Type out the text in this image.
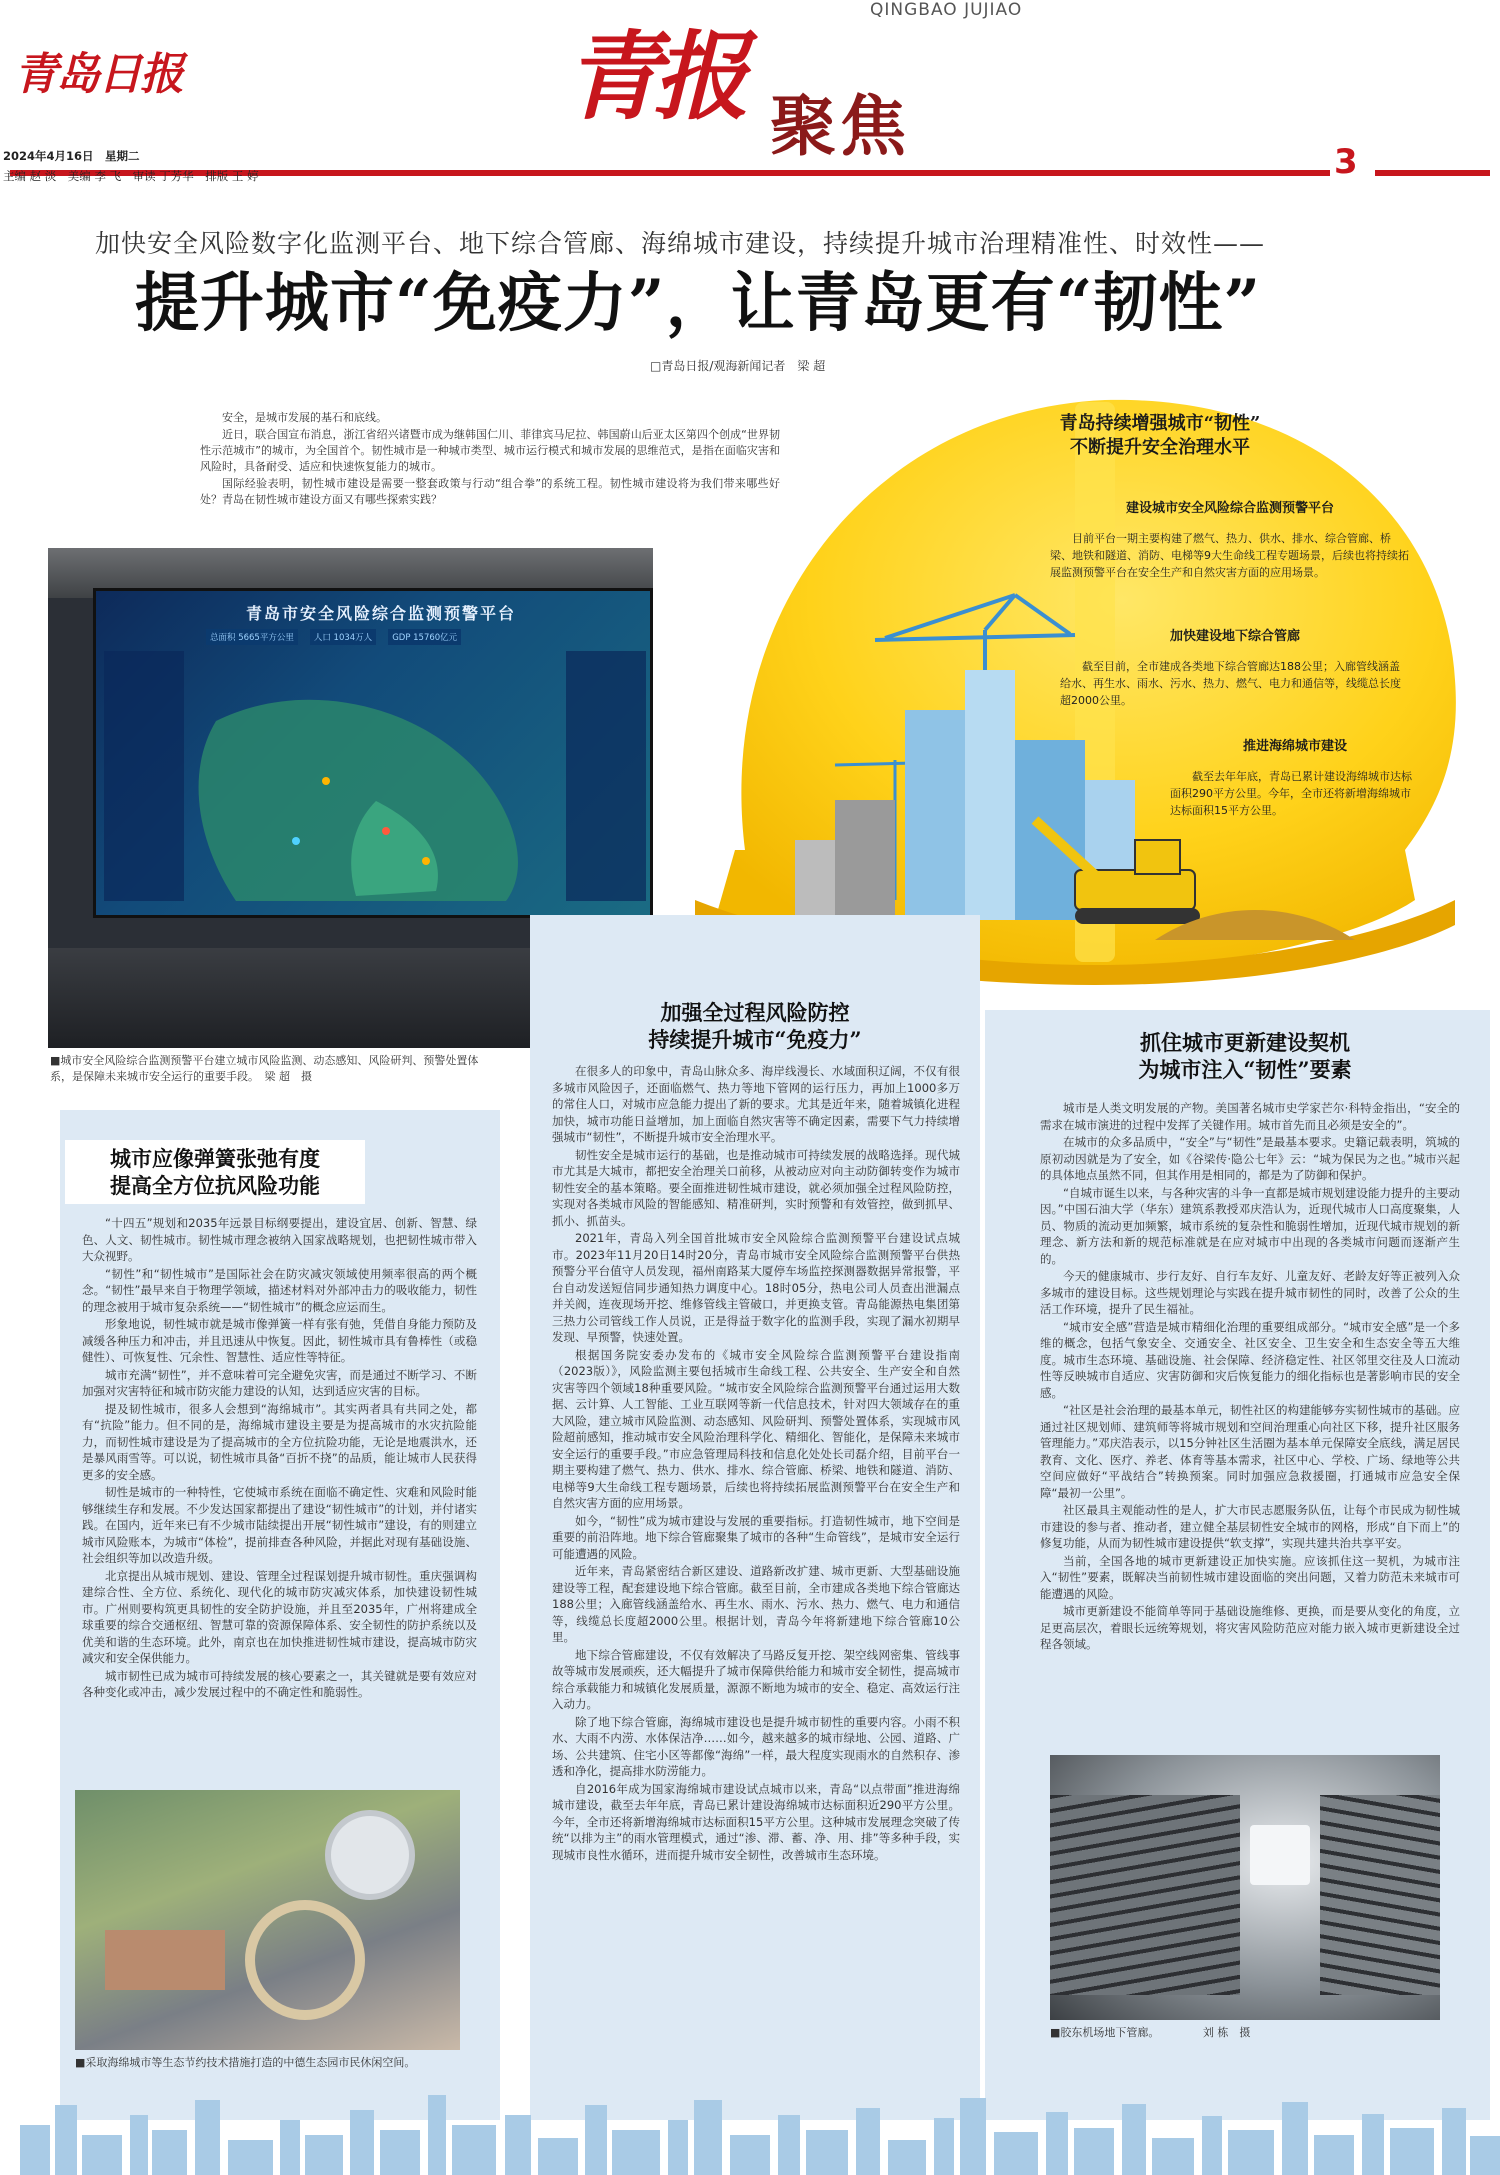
QINGBAO JUJIAO
青岛日报	青报 聚焦	3
2024年4月16日　星期二
主编 赵 淡　美编 李 飞　审读 丁芳华　排版 王 婷
加快安全风险数字化监测平台、地下综合管廊、海绵城市建设，持续提升城市治理精准性、时效性——
提升城市“免疫力”，让青岛更有“韧性”
□青岛日报/观海新闻记者　梁 超

安全，是城市发展的基石和底线。

近日，联合国宣布消息，浙江省绍兴诸暨市成为继韩国仁川、菲律宾马尼拉、韩国蔚山后亚太区第四个创成“世界韧性示范城市”的城市，为全国首个。韧性城市是一种城市类型、城市运行模式和城市发展的思维范式，是指在面临灾害和风险时，具备耐受、适应和快速恢复能力的城市。

国际经验表明，韧性城市建设是需要一整套政策与行动“组合拳”的系统工程。韧性城市建设将为我们带来哪些好处？青岛在韧性城市建设方面又有哪些探索实践？

青岛持续增强城市“韧性”
不断提升安全治理水平
建设城市安全风险综合监测预警平台
目前平台一期主要构建了燃气、热力、供水、排水、综合管廊、桥梁、地铁和隧道、消防、电梯等9大生命线工程专题场景，后续也将持续拓展监测预警平台在安全生产和自然灾害方面的应用场景。
加快建设地下综合管廊
截至目前，全市建成各类地下综合管廊达188公里；入廊管线涵盖给水、再生水、雨水、污水、热力、燃气、电力和通信等，线缆总长度超2000公里。
推进海绵城市建设
截至去年年底，青岛已累计建设海绵城市达标面积290平方公里。今年，全市还将新增海绵城市达标面积15平方公里。
青岛市安全风险综合监测预警平台
总面积 5665平方公里	人口 1034万人	GDP 15760亿元
■城市安全风险综合监测预警平台建立城市风险监测、动态感知、风险研判、预警处置体系，是保障未来城市安全运行的重要手段。　梁 超　摄
城市应像弹簧张弛有度
提高全方位抗风险功能

“十四五”规划和2035年远景目标纲要提出，建设宜居、创新、智慧、绿色、人文、韧性城市。韧性城市理念被纳入国家战略规划，也把韧性城市带入大众视野。

“韧性”和“韧性城市”是国际社会在防灾减灾领域使用频率很高的两个概念。“韧性”最早来自于物理学领域，描述材料对外部冲击力的吸收能力，韧性的理念被用于城市复杂系统——“韧性城市”的概念应运而生。

形象地说，韧性城市就是城市像弹簧一样有张有弛，凭借自身能力预防及减缓各种压力和冲击，并且迅速从中恢复。因此，韧性城市具有鲁棒性（或稳健性）、可恢复性、冗余性、智慧性、适应性等特征。

城市充满“韧性”，并不意味着可完全避免灾害，而是通过不断学习、不断加强对灾害特征和城市防灾能力建设的认知，达到适应灾害的目标。

提及韧性城市，很多人会想到“海绵城市”。其实两者具有共同之处，都有“抗险”能力。但不同的是，海绵城市建设主要是为提高城市的水灾抗险能力，而韧性城市建设是为了提高城市的全方位抗险功能，无论是地震洪水，还是暴风雨雪等。可以说，韧性城市具备“百折不挠”的品质，能让城市人民获得更多的安全感。

韧性是城市的一种特性，它使城市系统在面临不确定性、灾难和风险时能够继续生存和发展。不少发达国家都提出了建设“韧性城市”的计划，并付诸实践。在国内，近年来已有不少城市陆续提出开展“韧性城市”建设，有的则建立城市风险账本，为城市“体检”，提前排查各种风险，并据此对现有基础设施、社会组织等加以改造升级。

北京提出从城市规划、建设、管理全过程谋划提升城市韧性。重庆强调构建综合性、全方位、系统化、现代化的城市防灾减灾体系，加快建设韧性城市。广州则要构筑更具韧性的安全防护设施，并且至2035年，广州将建成全球重要的综合交通枢纽、智慧可靠的资源保障体系、安全韧性的防护系统以及优美和谐的生态环境。此外，南京也在加快推进韧性城市建设，提高城市防灾减灾和安全保供能力。

城市韧性已成为城市可持续发展的核心要素之一，其关键就是要有效应对各种变化或冲击，减少发展过程中的不确定性和脆弱性。

■采取海绵城市等生态节约技术措施打造的中德生态园市民休闲空间。
加强全过程风险防控
持续提升城市“免疫力”

在很多人的印象中，青岛山脉众多、海岸线漫长、水域面积辽阔，不仅有很多城市风险因子，还面临燃气、热力等地下管网的运行压力，再加上1000多万的常住人口，对城市应急能力提出了新的要求。尤其是近年来，随着城镇化进程加快，城市功能日益增加，加上面临自然灾害等不确定因素，需要下气力持续增强城市“韧性”，不断提升城市安全治理水平。

韧性安全是城市运行的基础，也是推动城市可持续发展的战略选择。现代城市尤其是大城市，都把安全治理关口前移，从被动应对向主动防御转变作为城市韧性安全的基本策略。要全面推进韧性城市建设，就必须加强全过程风险防控，实现对各类城市风险的智能感知、精准研判，实时预警和有效管控，做到抓早、抓小、抓苗头。

2021年，青岛入列全国首批城市安全风险综合监测预警平台建设试点城市。2023年11月20日14时20分，青岛市城市安全风险综合监测预警平台供热预警分平台值守人员发现，福州南路某大厦停车场监控探测器数据异常报警，平台自动发送短信同步通知热力调度中心。18时05分，热电公司人员查出泄漏点并关阀，连夜现场开挖、维修管线主管破口，并更换支管。青岛能源热电集团第三热力公司管线工作人员说，正是得益于数字化的监测手段，实现了漏水初期早发现、早预警，快速处置。

根据国务院安委办发布的《城市安全风险综合监测预警平台建设指南（2023版）》，风险监测主要包括城市生命线工程、公共安全、生产安全和自然灾害等四个领域18种重要风险。“城市安全风险综合监测预警平台通过运用大数据、云计算、人工智能、工业互联网等新一代信息技术，针对四大领域存在的重大风险，建立城市风险监测、动态感知、风险研判、预警处置体系，实现城市风险超前感知，推动城市安全风险治理科学化、精细化、智能化，是保障未来城市安全运行的重要手段。”市应急管理局科技和信息化处处长司磊介绍，目前平台一期主要构建了燃气、热力、供水、排水、综合管廊、桥梁、地铁和隧道、消防、电梯等9大生命线工程专题场景，后续也将持续拓展监测预警平台在安全生产和自然灾害方面的应用场景。

如今，“韧性”成为城市建设与发展的重要指标。打造韧性城市，地下空间是重要的前沿阵地。地下综合管廊聚集了城市的各种“生命管线”，是城市安全运行可能遭遇的风险。

近年来，青岛紧密结合新区建设、道路新改扩建、城市更新、大型基础设施建设等工程，配套建设地下综合管廊。截至目前，全市建成各类地下综合管廊达188公里；入廊管线涵盖给水、再生水、雨水、污水、热力、燃气、电力和通信等，线缆总长度超2000公里。根据计划，青岛今年将新建地下综合管廊10公里。

地下综合管廊建设，不仅有效解决了马路反复开挖、架空线网密集、管线事故等城市发展顽疾，还大幅提升了城市保障供给能力和城市安全韧性，提高城市综合承载能力和城镇化发展质量，源源不断地为城市的安全、稳定、高效运行注入动力。

除了地下综合管廊，海绵城市建设也是提升城市韧性的重要内容。小雨不积水、大雨不内涝、水体保洁净……如今，越来越多的城市绿地、公园、道路、广场、公共建筑、住宅小区等都像“海绵”一样，最大程度实现雨水的自然积存、渗透和净化，提高排水防涝能力。

自2016年成为国家海绵城市建设试点城市以来，青岛“以点带面”推进海绵城市建设，截至去年年底，青岛已累计建设海绵城市达标面积近290平方公里。今年，全市还将新增海绵城市达标面积15平方公里。这种城市发展理念突破了传统“以排为主”的雨水管理模式，通过“渗、滞、蓄、净、用、排”等多种手段，实现城市良性水循环，进而提升城市安全韧性，改善城市生态环境。

抓住城市更新建设契机
为城市注入“韧性”要素

城市是人类文明发展的产物。美国著名城市史学家芒尔·科特金指出，“安全的需求在城市演进的过程中发挥了关键作用。城市首先而且必须是安全的”。

在城市的众多品质中，“安全”与“韧性”是最基本要求。史籍记载表明，筑城的原初动因就是为了安全，如《谷梁传·隐公七年》云：“城为保民为之也。”城市兴起的具体地点虽然不同，但其作用是相同的，都是为了防御和保护。

“自城市诞生以来，与各种灾害的斗争一直都是城市规划建设能力提升的主要动因。”中国石油大学（华东）建筑系教授邓庆浩认为，近现代城市人口高度聚集，人员、物质的流动更加频繁，城市系统的复杂性和脆弱性增加，近现代城市规划的新理念、新方法和新的规范标准就是在应对城市中出现的各类城市问题而逐渐产生的。

今天的健康城市、步行友好、自行车友好、儿童友好、老龄友好等正被列入众多城市的建设目标。这些规划理论与实践在提升城市韧性的同时，改善了公众的生活工作环境，提升了民生福祉。

“城市安全感”营造是城市精细化治理的重要组成部分。“城市安全感”是一个多维的概念，包括气象安全、交通安全、社区安全、卫生安全和生态安全等五大维度。城市生态环境、基础设施、社会保障、经济稳定性、社区邻里交往及人口流动性等反映城市自适应、灾害防御和灾后恢复能力的细化指标也是著影响市民的安全感。

“社区是社会治理的最基本单元，韧性社区的构建能够夯实韧性城市的基础。应通过社区规划师、建筑师等将城市规划和空间治理重心向社区下移，提升社区服务管理能力。”邓庆浩表示，以15分钟社区生活圈为基本单元保障安全底线，满足居民教育、文化、医疗、养老、体育等基本需求，社区中心、学校、广场、绿地等公共空间应做好“平战结合”转换预案。同时加强应急救援圈，打通城市应急安全保障“最初一公里”。

社区最具主观能动性的是人，扩大市民志愿服务队伍，让每个市民成为韧性城市建设的参与者、推动者，建立健全基层韧性安全城市的网格，形成“自下而上”的修复功能，从而为韧性城市建设提供“软支撑”，实现共建共治共享平安。

当前，全国各地的城市更新建设正加快实施。应该抓住这一契机，为城市注入“韧性”要素，既解决当前韧性城市建设面临的突出问题，又着力防范未来城市可能遭遇的风险。

城市更新建设不能简单等同于基础设施维修、更换，而是要从变化的角度，立足更高层次，着眼长远统筹规划，将灾害风险防范应对能力嵌入城市更新建设全过程各领域。

■胶东机场地下管廊。	刘 栋　摄
